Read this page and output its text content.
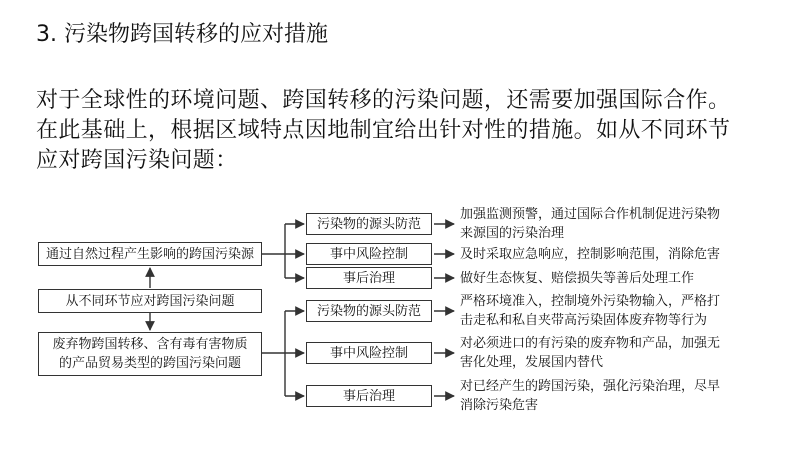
3. 污染物跨国转移的应对措施
对于全球性的环境问题、跨国转移的污染问题，还需要加强国际合作。
在此基础上，根据区域特点因地制宜给出针对性的措施。如从不同环节
应对跨国污染问题：
通过自然过程产生影响的跨国污染源
从不同环节应对跨国污染问题
废弃物跨国转移、含有毒有害物质
的产品贸易类型的跨国污染问题
污染物的源头防范
事中风险控制
事后治理
加强监测预警，通过国际合作机制促进污染物
来源国的污染治理
及时采取应急响应，控制影响范围，消除危害
做好生态恢复、赔偿损失等善后处理工作
污染物的源头防范
事中风险控制
事后治理
严格环境准入，控制境外污染物输入，严格打
击走私和私自夹带高污染固体废弃物等行为
对必须进口的有污染的废弃物和产品，加强无
害化处理，发展国内替代
对已经产生的跨国污染，强化污染治理，尽早
消除污染危害
